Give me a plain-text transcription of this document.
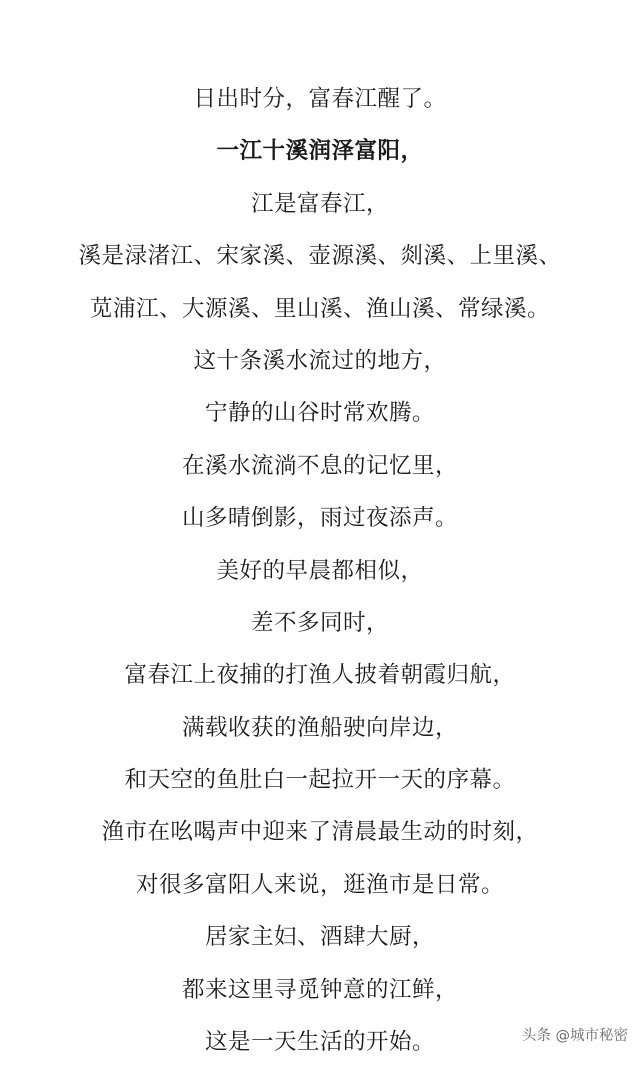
日出时分，富春江醒了。
一江十溪润泽富阳，
江是富春江，
溪是渌渚江、宋家溪、壶源溪、剡溪、上里溪、
苋浦江、大源溪、里山溪、渔山溪、常绿溪。
这十条溪水流过的地方，
宁静的山谷时常欢腾。
在溪水流淌不息的记忆里，
山多晴倒影，雨过夜添声。
美好的早晨都相似，
差不多同时，
富春江上夜捕的打渔人披着朝霞归航，
满载收获的渔船驶向岸边，
和天空的鱼肚白一起拉开一天的序幕。
渔市在吆喝声中迎来了清晨最生动的时刻，
对很多富阳人来说，逛渔市是日常。
居家主妇、酒肆大厨，
都来这里寻觅钟意的江鲜，
这是一天生活的开始。	头条 @城市秘密
